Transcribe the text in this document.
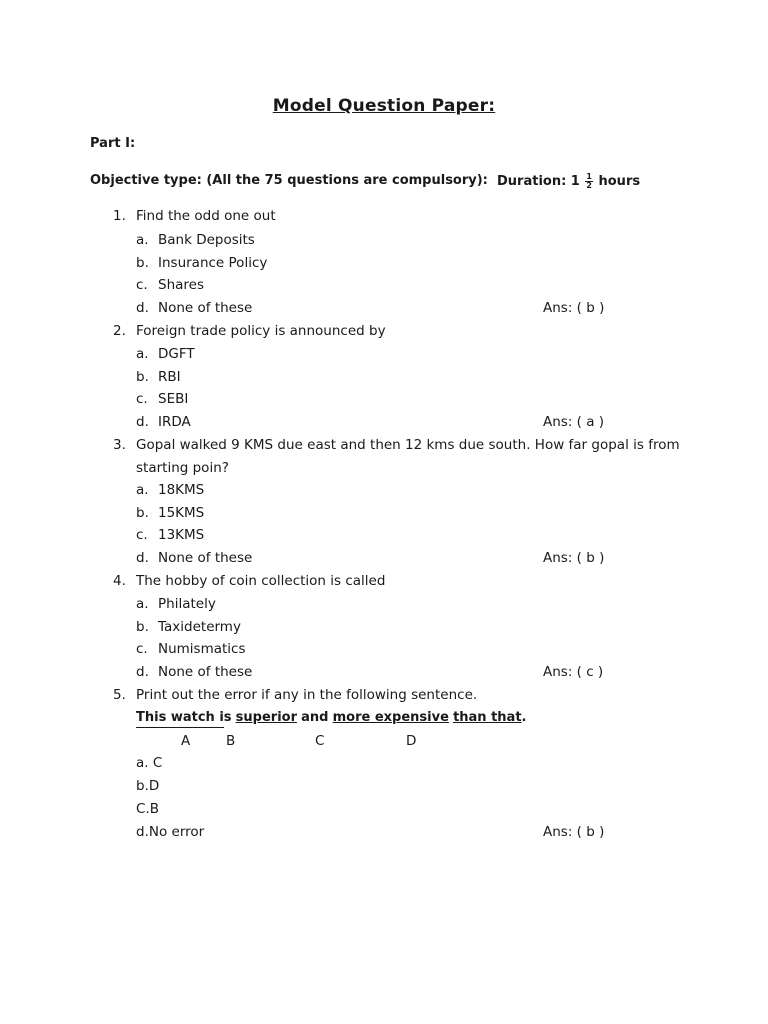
Model Question Paper:
Part I:
Objective type: (All the 75 questions are compulsory): Duration: $1 \frac{1}{2}$ hours
1. Find the odd one out
a. Bank Deposits
b. Insurance Policy
c. Shares
d. None of these	Ans: ( b )
2. Foreign trade policy is announced by
a. DGFT
b. RBI
c. SEBI
d. IRDA	Ans: ( a )
3. Gopal walked 9 KMS due east and then 12 kms due south. How far gopal is from
starting poin?
a. 18KMS
b. 15KMS
c. 13KMS
d. None of these	Ans: ( b )
4. The hobby of coin collection is called
a. Philately
b. Taxidetermy
c. Numismatics
d. None of these	Ans: ( c )
5. Print out the error if any in the following sentence.
This watch is superior and more expensive than that.
A	B	C	D
a. C
b.D
C.B
d.No error	Ans: ( b )
